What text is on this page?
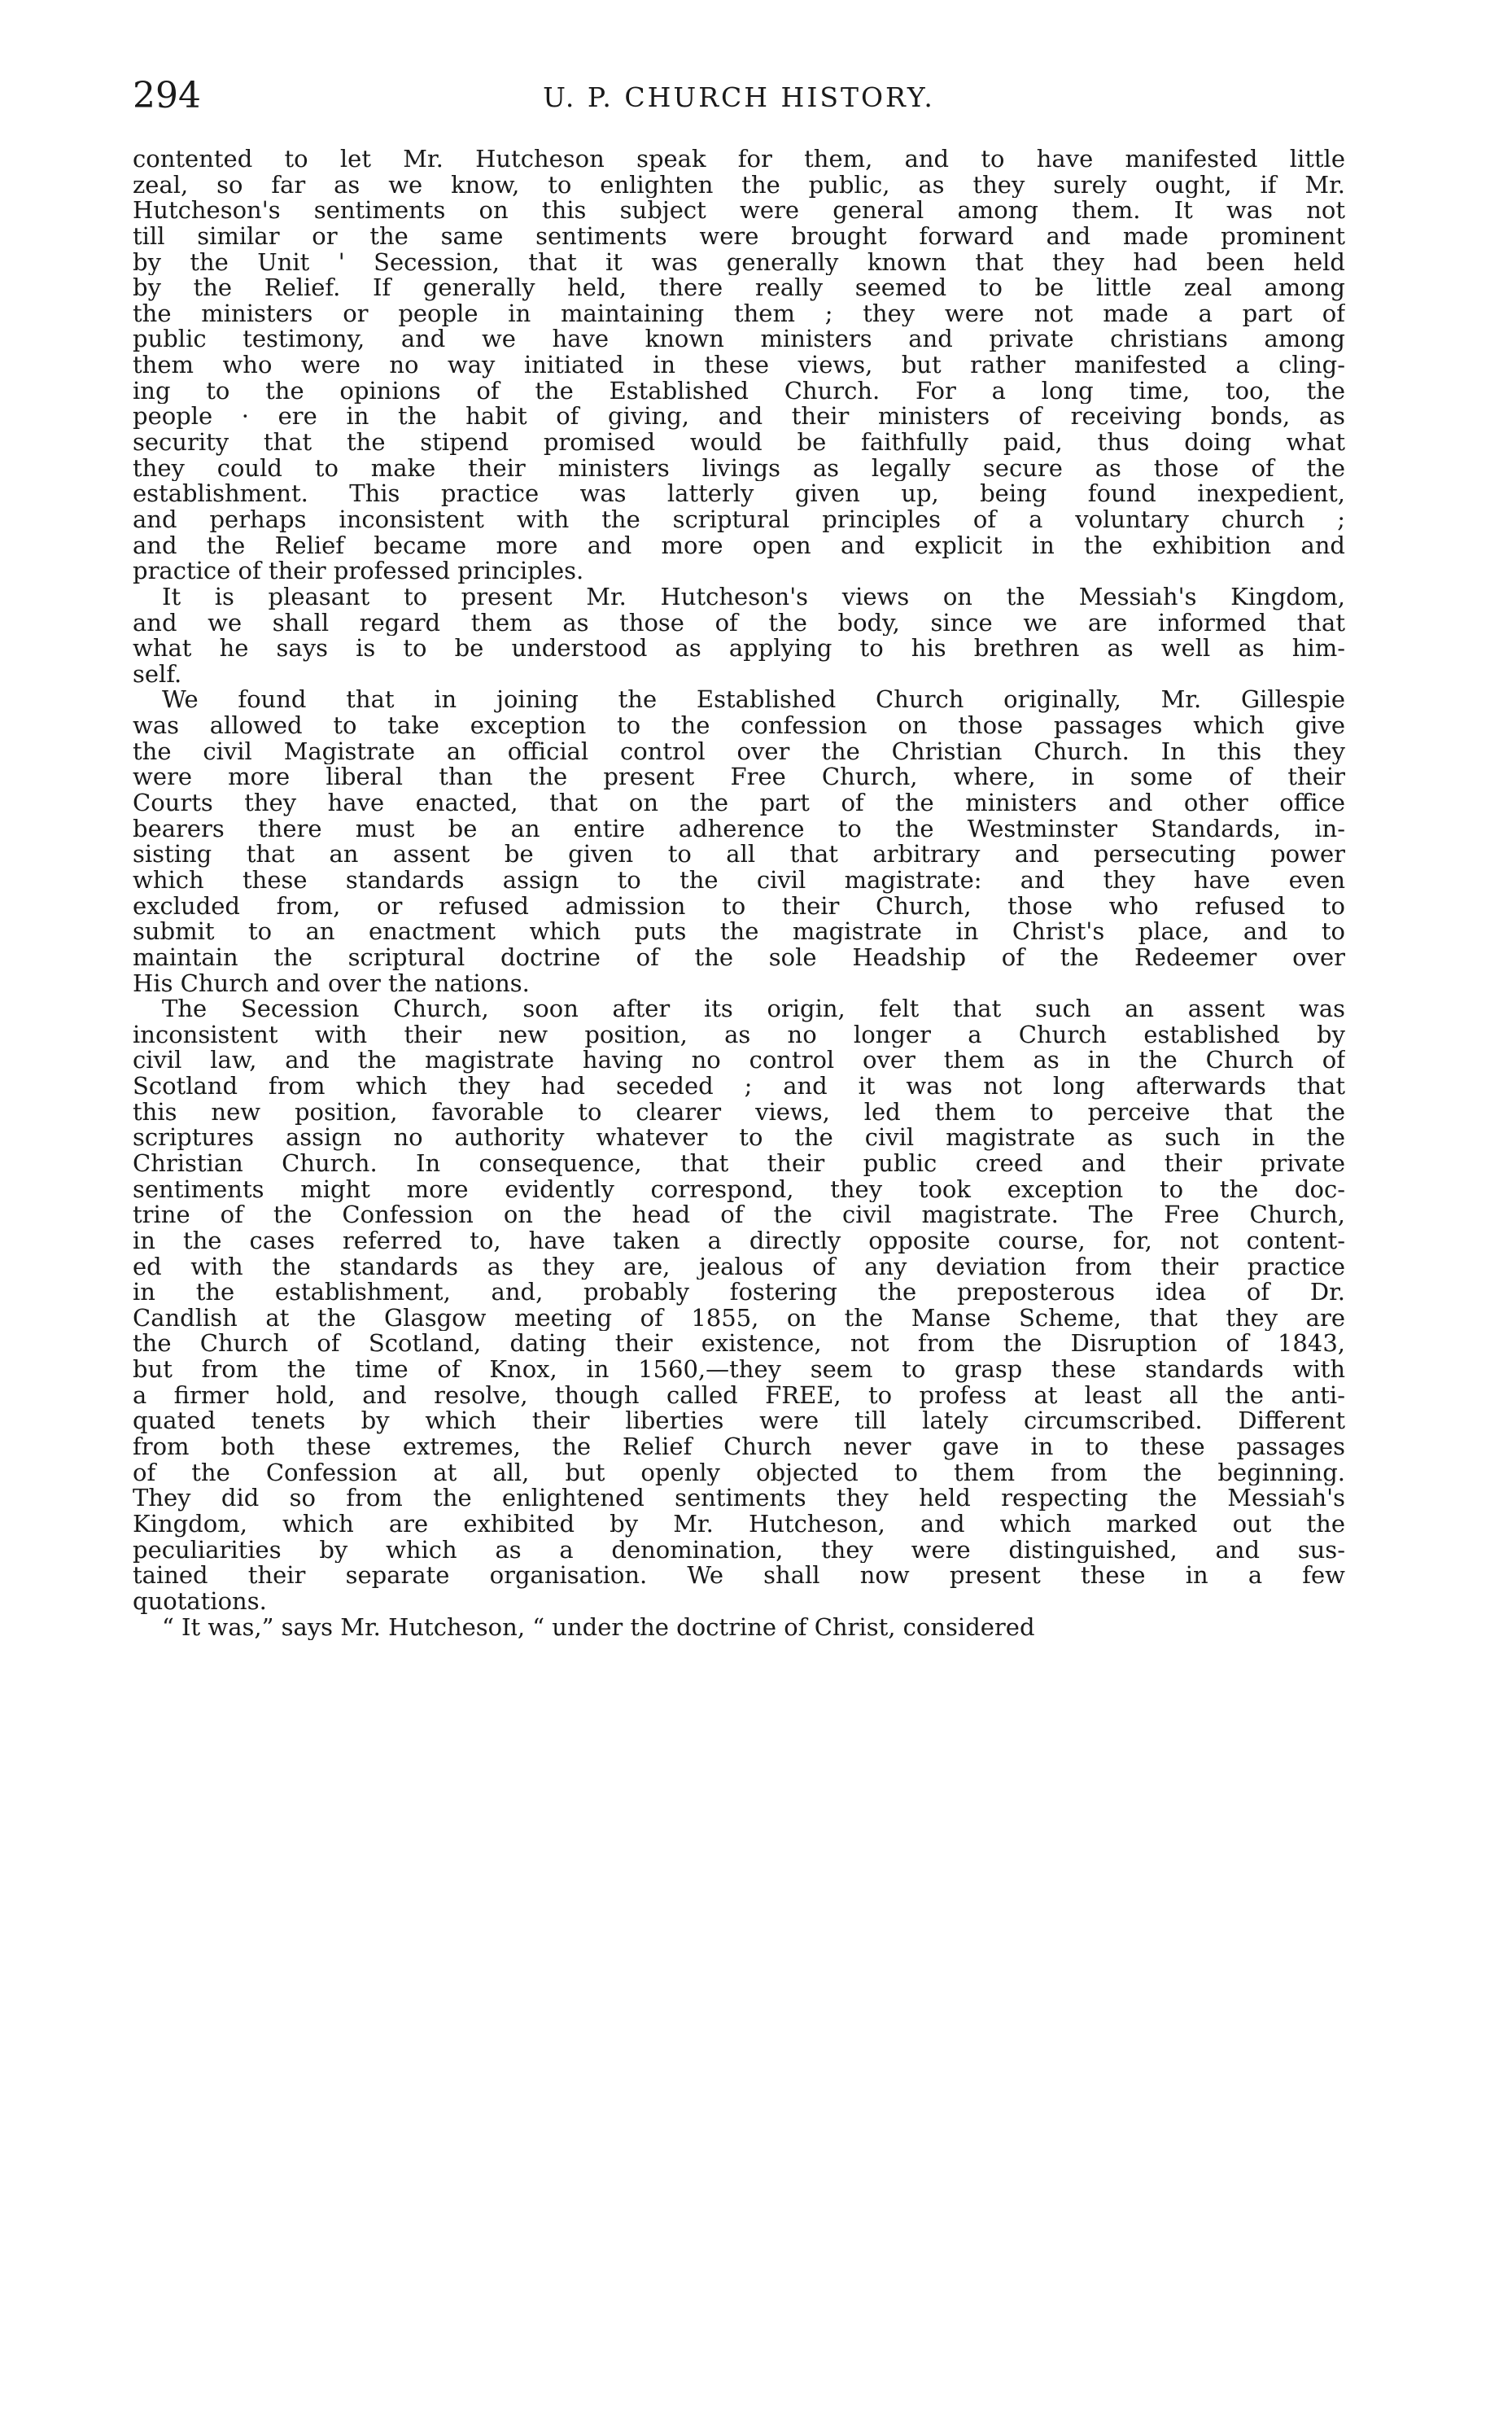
294	U. P. CHURCH HISTORY.
contented to let Mr. Hutcheson speak for them, and to have manifested little
zeal, so far as we know, to enlighten the public, as they surely ought, if Mr.
Hutcheson's sentiments on this subject were general among them. It was not
till similar or the same sentiments were brought forward and made prominent
by the Unit ' Secession, that it was generally known that they had been held
by the Relief. If generally held, there really seemed to be little zeal among
the ministers or people in maintaining them ; they were not made a part of
public testimony, and we have known ministers and private christians among
them who were no way initiated in these views, but rather manifested a cling-
ing to the opinions of the Established Church. For a long time, too, the
people · ere in the habit of giving, and their ministers of receiving bonds, as
security that the stipend promised would be faithfully paid, thus doing what
they could to make their ministers livings as legally secure as those of the
establishment. This practice was latterly given up, being found inexpedient,
and perhaps inconsistent with the scriptural principles of a voluntary church ;
and the Relief became more and more open and explicit in the exhibition and
practice of their professed principles.
It is pleasant to present Mr. Hutcheson's views on the Messiah's Kingdom,
and we shall regard them as those of the body, since we are informed that
what he says is to be understood as applying to his brethren as well as him-
self.
We found that in joining the Established Church originally, Mr. Gillespie
was allowed to take exception to the confession on those passages which give
the civil Magistrate an official control over the Christian Church. In this they
were more liberal than the present Free Church, where, in some of their
Courts they have enacted, that on the part of the ministers and other office
bearers there must be an entire adherence to the Westminster Standards, in-
sisting that an assent be given to all that arbitrary and persecuting power
which these standards assign to the civil magistrate: and they have even
excluded from, or refused admission to their Church, those who refused to
submit to an enactment which puts the magistrate in Christ's place, and to
maintain the scriptural doctrine of the sole Headship of the Redeemer over
His Church and over the nations.
The Secession Church, soon after its origin, felt that such an assent was
inconsistent with their new position, as no longer a Church established by
civil law, and the magistrate having no control over them as in the Church of
Scotland from which they had seceded ; and it was not long afterwards that
this new position, favorable to clearer views, led them to perceive that the
scriptures assign no authority whatever to the civil magistrate as such in the
Christian Church. In consequence, that their public creed and their private
sentiments might more evidently correspond, they took exception to the doc-
trine of the Confession on the head of the civil magistrate. The Free Church,
in the cases referred to, have taken a directly opposite course, for, not content-
ed with the standards as they are, jealous of any deviation from their practice
in the establishment, and, probably fostering the preposterous idea of Dr.
Candlish at the Glasgow meeting of 1855, on the Manse Scheme, that they are
the Church of Scotland, dating their existence, not from the Disruption of 1843,
but from the time of Knox, in 1560,—they seem to grasp these standards with
a firmer hold, and resolve, though called FREE, to profess at least all the anti-
quated tenets by which their liberties were till lately circumscribed. Different
from both these extremes, the Relief Church never gave in to these passages
of the Confession at all, but openly objected to them from the beginning.
They did so from the enlightened sentiments they held respecting the Messiah's
Kingdom, which are exhibited by Mr. Hutcheson, and which marked out the
peculiarities by which as a denomination, they were distinguished, and sus-
tained their separate organisation. We shall now present these in a few
quotations.
“ It was,” says Mr. Hutcheson, “ under the doctrine of Christ, considered
